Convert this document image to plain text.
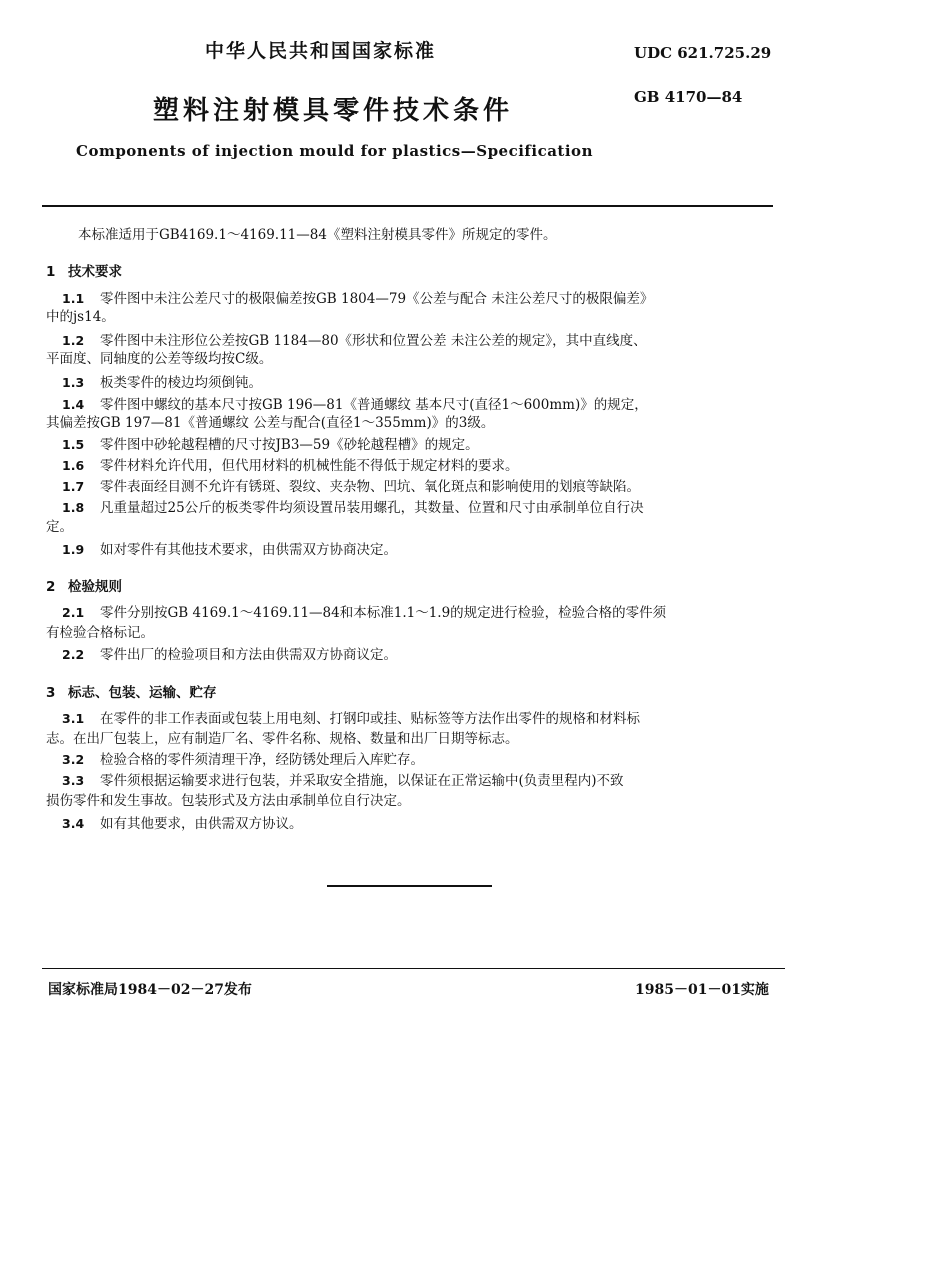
中华人民共和国国家标准	UDC 621.725.29
GB 4170—84
塑料注射模具零件技术条件
Components of injection mould for plastics—Specification
本标准适用于GB4169.1～4169.11—84《塑料注射模具零件》所规定的零件。
1 技术要求
1.1 零件图中未注公差尺寸的极限偏差按GB 1804—79《公差与配合 未注公差尺寸的极限偏差》
中的js14。
1.2 零件图中未注形位公差按GB 1184—80《形状和位置公差 未注公差的规定》，其中直线度、
平面度、同轴度的公差等级均按C级。
1.3 板类零件的棱边均须倒钝。
1.4 零件图中螺纹的基本尺寸按GB 196—81《普通螺纹 基本尺寸(直径1～600mm)》的规定，
其偏差按GB 197—81《普通螺纹 公差与配合(直径1～355mm)》的3级。
1.5 零件图中砂轮越程槽的尺寸按JB3—59《砂轮越程槽》的规定。
1.6 零件材料允许代用，但代用材料的机械性能不得低于规定材料的要求。
1.7 零件表面经目测不允许有锈斑、裂纹、夹杂物、凹坑、氧化斑点和影响使用的划痕等缺陷。
1.8 凡重量超过25公斤的板类零件均须设置吊装用螺孔，其数量、位置和尺寸由承制单位自行决
定。
1.9 如对零件有其他技术要求，由供需双方协商决定。
2 检验规则
2.1 零件分别按GB 4169.1～4169.11—84和本标准1.1～1.9的规定进行检验，检验合格的零件须
有检验合格标记。
2.2 零件出厂的检验项目和方法由供需双方协商议定。
3 标志、包装、运输、贮存
3.1 在零件的非工作表面或包装上用电刻、打钢印或挂、贴标签等方法作出零件的规格和材料标
志。在出厂包装上，应有制造厂名、零件名称、规格、数量和出厂日期等标志。
3.2 检验合格的零件须清理干净，经防锈处理后入库贮存。
3.3 零件须根据运输要求进行包装，并采取安全措施，以保证在正常运输中(负责里程内)不致
损伤零件和发生事故。包装形式及方法由承制单位自行决定。
3.4 如有其他要求，由供需双方协议。
国家标准局1984－02－27发布	1985－01－01实施
